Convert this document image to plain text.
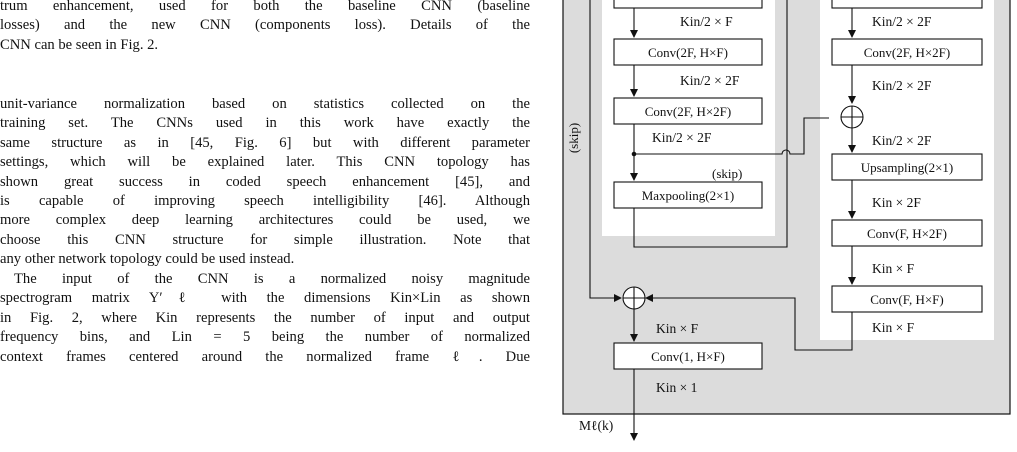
trum enhancement, used for both the baseline CNN (baseline
losses) and the new CNN (components loss). Details of the
CNN can be seen in Fig. 2.
unit-variance normalization based on statistics collected on the
training set. The CNNs used in this work have exactly the
same structure as in [45, Fig. 6] but with different parameter
settings, which will be explained later. This CNN topology has
shown great success in coded speech enhancement [45], and
is capable of improving speech intelligibility [46]. Although
more complex deep learning architectures could be used, we
choose this CNN structure for simple illustration. Note that
any other network topology could be used instead.
The input of the CNN is a normalized noisy magnitude
spectrogram matrix Y′ℓ with the dimensions Kin×Lin as shown
in Fig. 2, where Kin represents the number of input and output
frequency bins, and Lin = 5 being the number of normalized
context frames centered around the normalized frame ℓ. Due
Kin/2 × F
Conv(2F, H×F)
Kin/2 × 2F
Conv(2F, H×2F)
Kin/2 × 2F
Maxpooling(2×1)
(skip)
Kin/2 × 2F
Conv(2F, H×2F)
Kin/2 × 2F
Kin/2 × 2F
Upsampling(2×1)
Kin × 2F
Conv(F, H×2F)
Kin × F
Conv(F, H×F)
Kin × F
(skip)
Kin × F
Conv(1, H×F)
Kin × 1
Mℓ(k)
